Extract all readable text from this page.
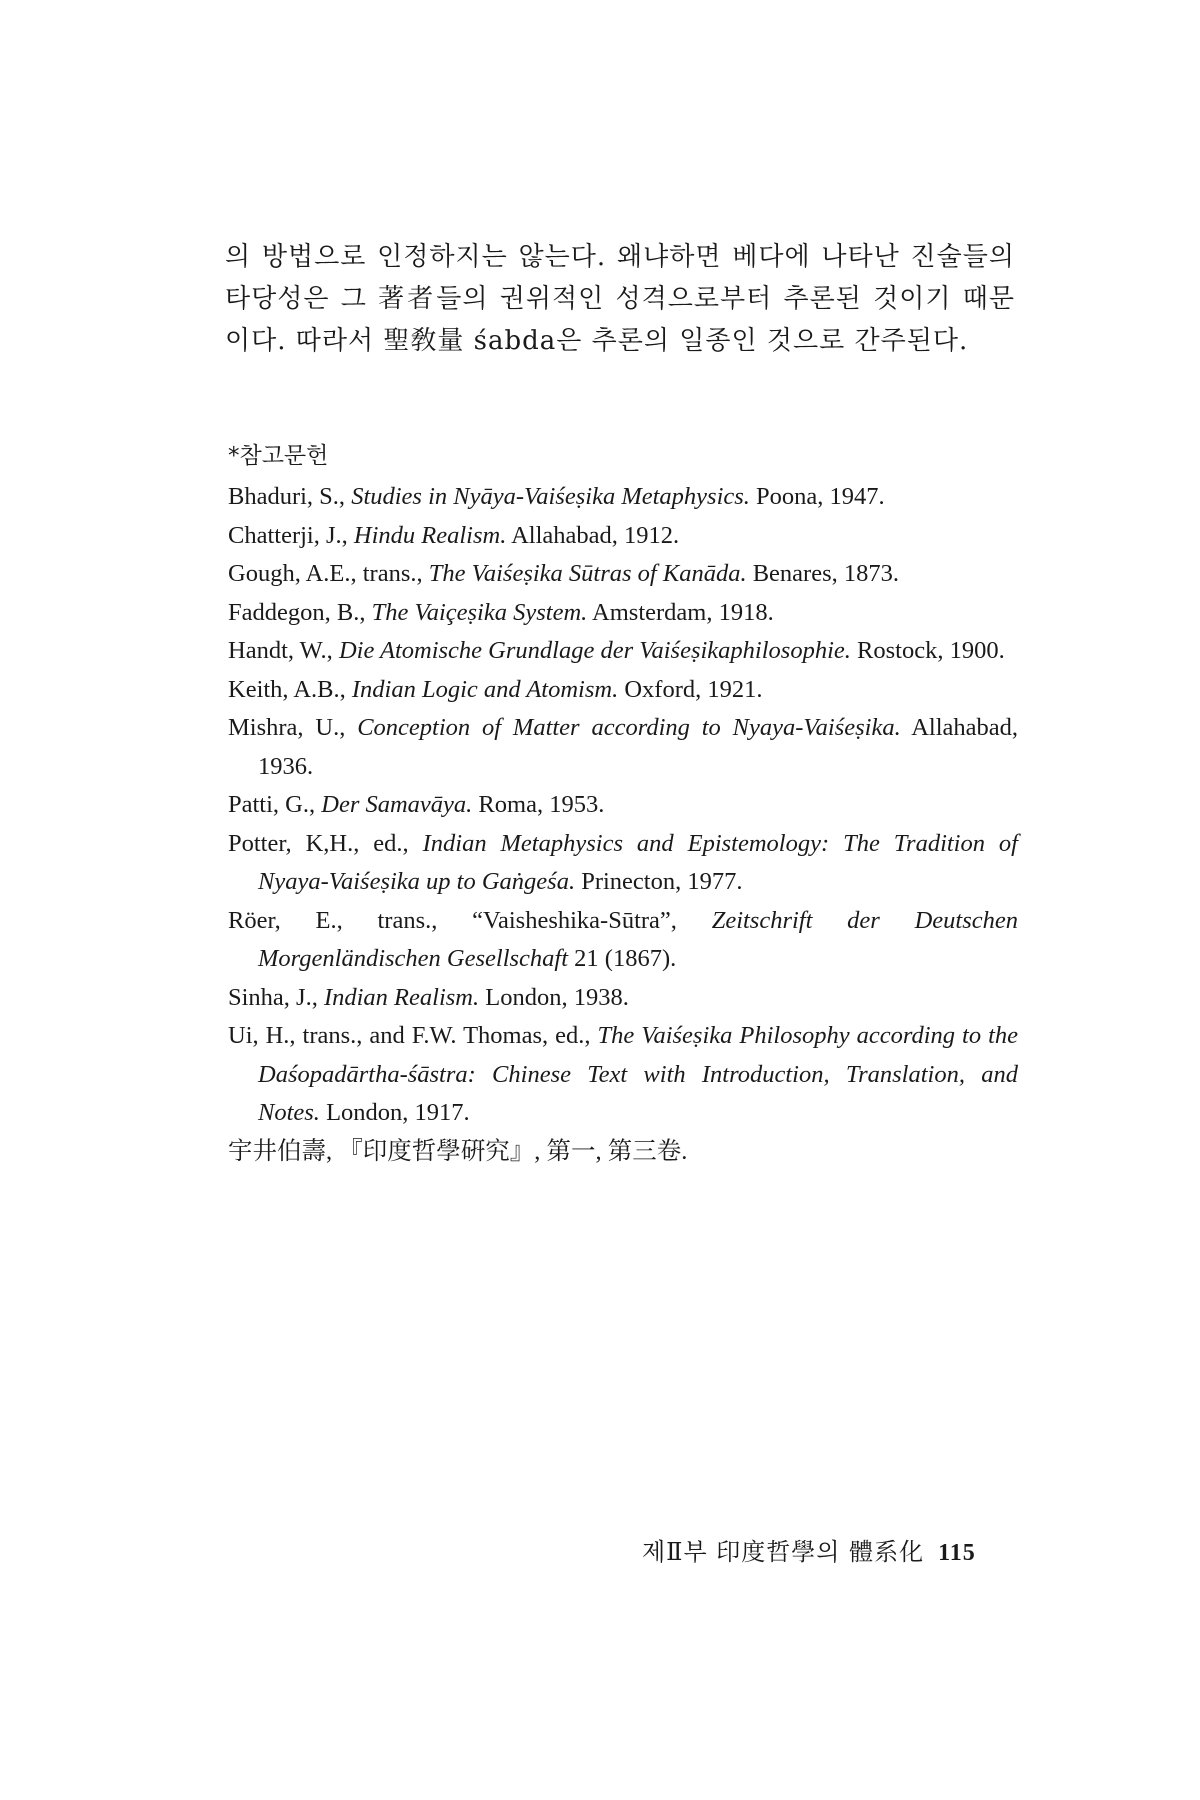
의 방법으로 인정하지는 않는다. 왜냐하면 베다에 나타난 진술들의 타당성은 그 著者들의 권위적인 성격으로부터 추론된 것이기 때문이다. 따라서 聖敎量 śabda은 추론의 일종인 것으로 간주된다.

*참고문헌
Bhaduri, S., Studies in Nyāya-Vaiśeṣika Metaphysics. Poona, 1947.
Chatterji, J., Hindu Realism. Allahabad, 1912.
Gough, A.E., trans., The Vaiśeṣika Sūtras of Kanāda. Benares, 1873.
Faddegon, B., The Vaiçeṣika System. Amsterdam, 1918.
Handt, W., Die Atomische Grundlage der Vaiśeṣikaphilosophie. Rostock, 1900.
Keith, A.B., Indian Logic and Atomism. Oxford, 1921.
Mishra, U., Conception of Matter according to Nyaya-Vaiśeṣika. Allahabad, 1936.
Patti, G., Der Samavāya. Roma, 1953.
Potter, K,H., ed., Indian Metaphysics and Epistemology: The Tradition of Nyaya-Vaiśeṣika up to Gaṅgeśa. Prinecton, 1977.
Röer, E., trans., “Vaisheshika-Sūtra”, Zeitschrift der Deutschen Morgenländischen Gesellschaft 21 (1867).
Sinha, J., Indian Realism. London, 1938.
Ui, H., trans., and F.W. Thomas, ed., The Vaiśeṣika Philosophy according to the Daśopadārtha-śāstra: Chinese Text with Introduction, Translation, and Notes. London, 1917.
宇井伯壽, 『印度哲學硏究』, 第一, 第三卷.
제Ⅱ부 印度哲學의 體系化 115
